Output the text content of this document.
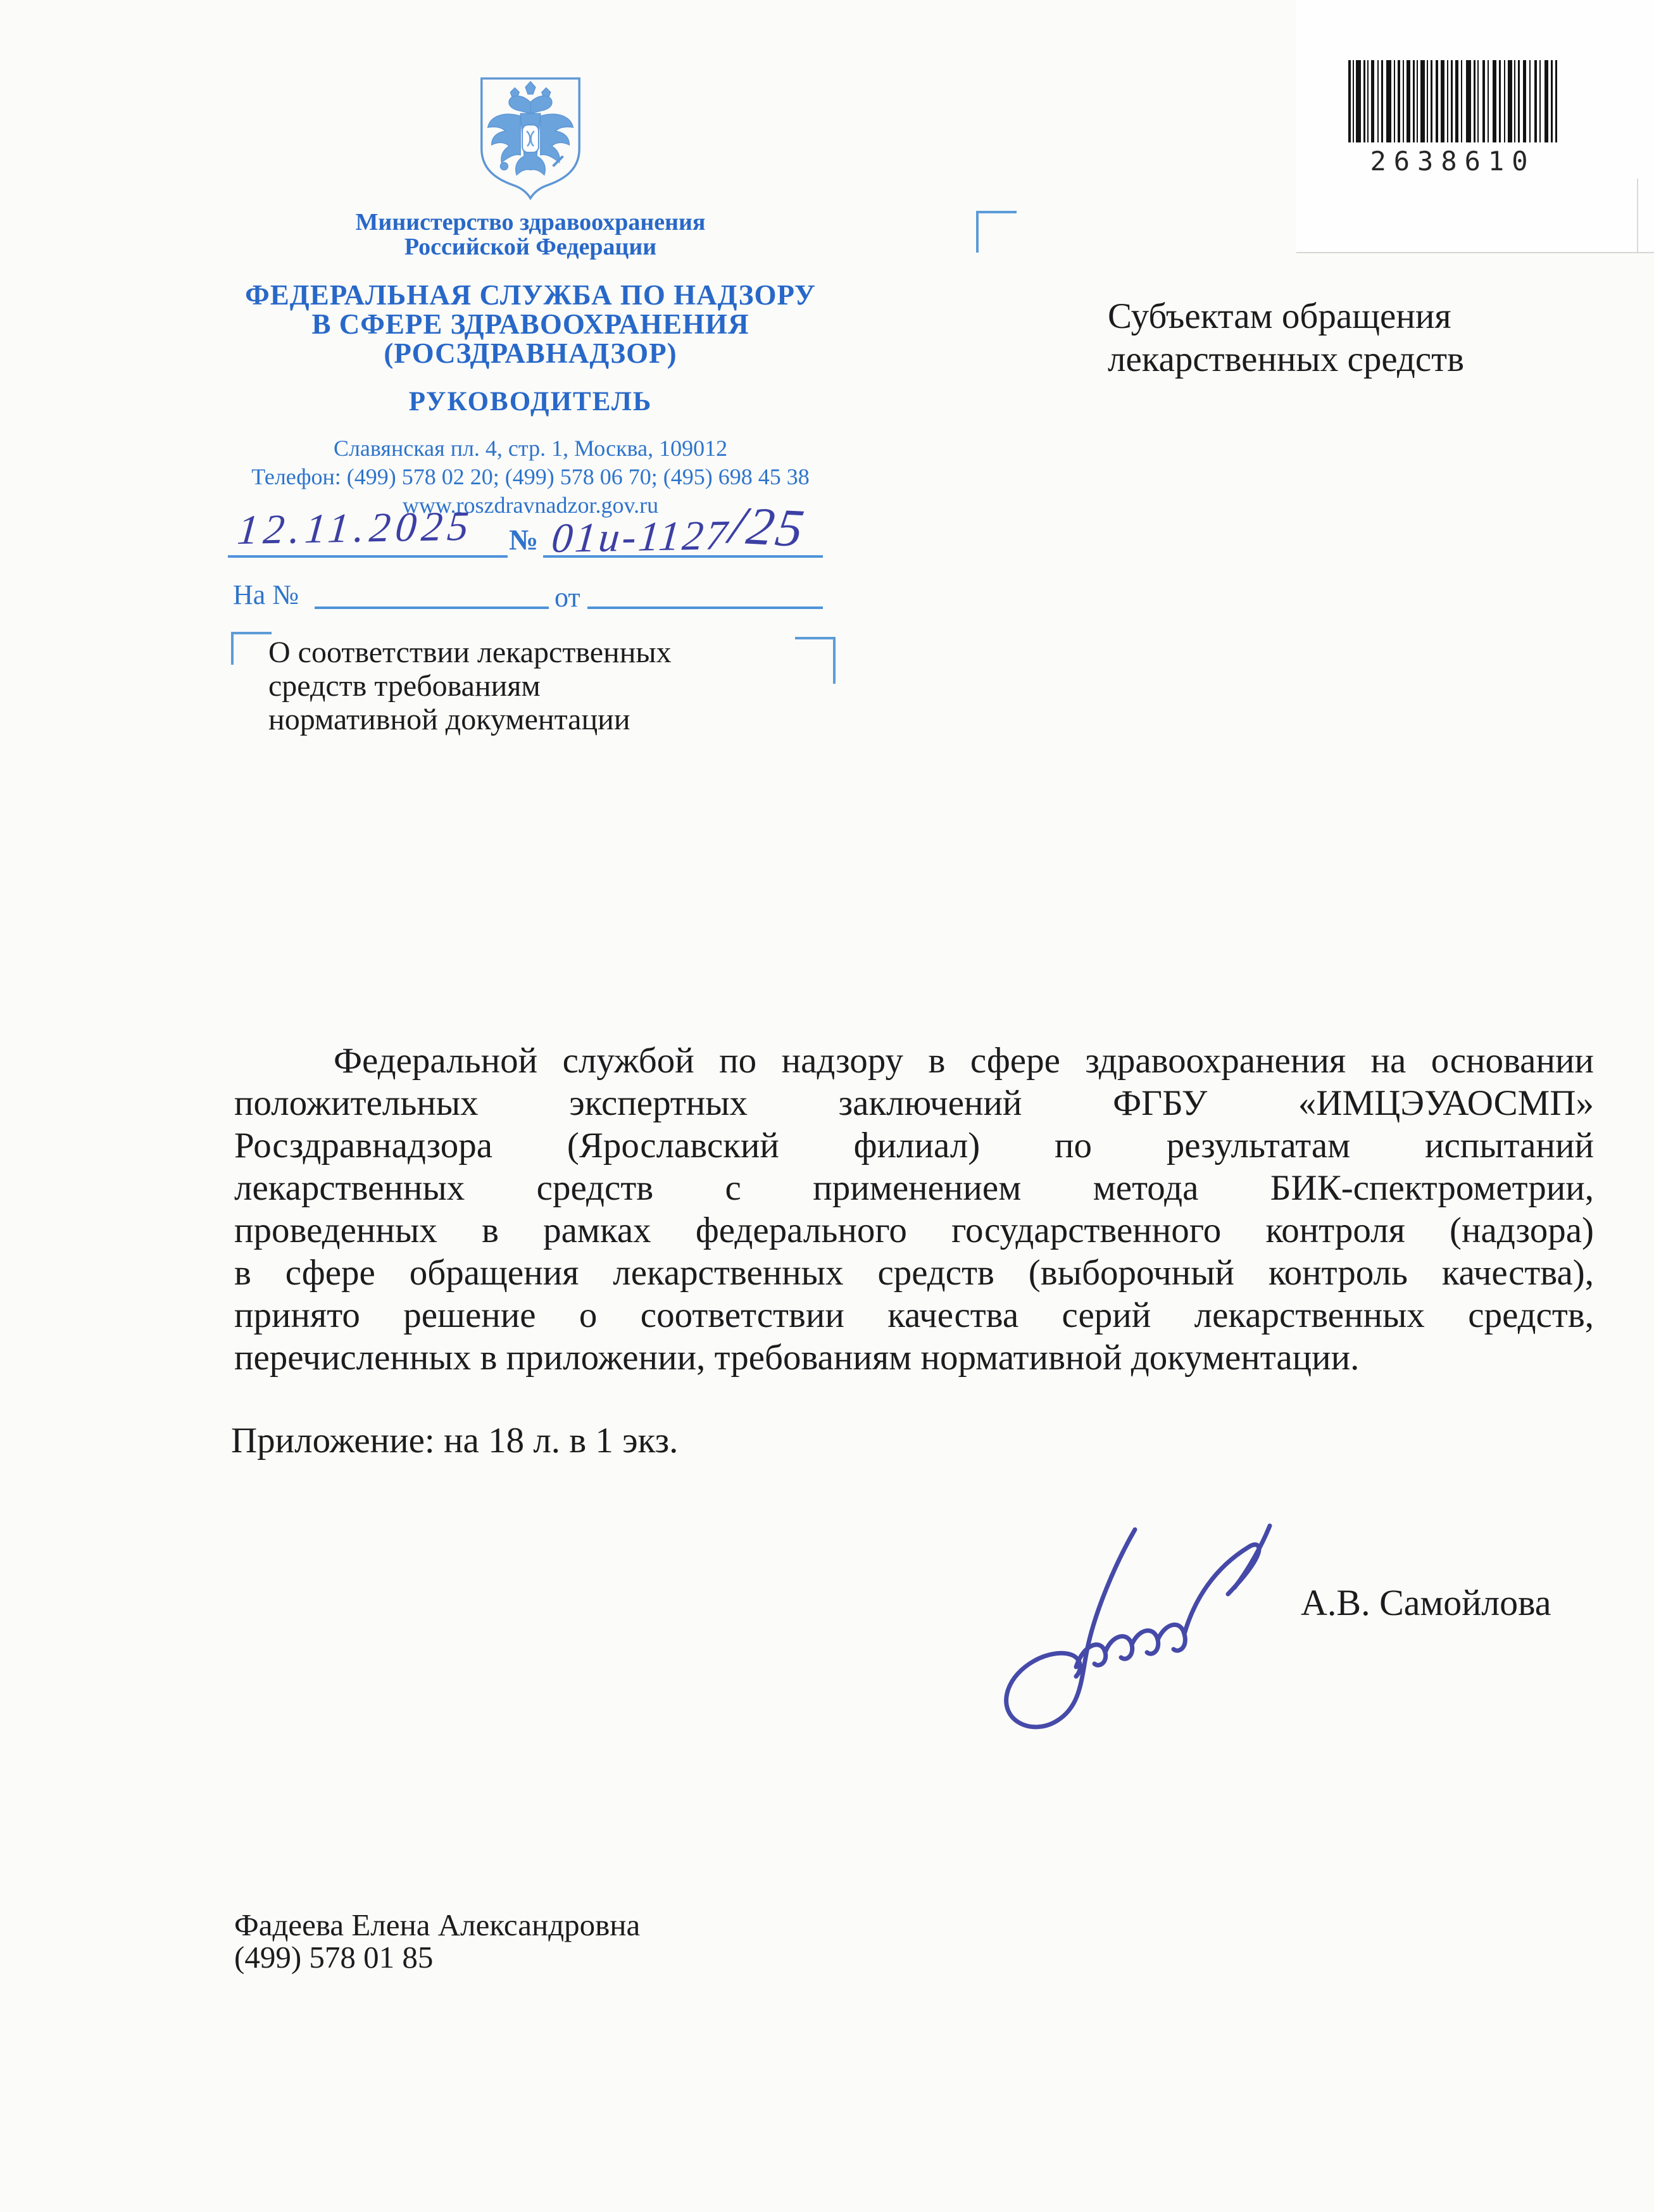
2638610
Министерство здравоохранения
Российской Федерации
ФЕДЕРАЛЬНАЯ СЛУЖБА ПО НАДЗОРУ
В СФЕРЕ ЗДРАВООХРАНЕНИЯ
(РОСЗДРАВНАДЗОР)
РУКОВОДИТЕЛЬ
Славянская пл. 4, стр. 1, Москва, 109012
Телефон: (499) 578 02 20; (499) 578 06 70; (495) 698 45 38
www.roszdravnadzor.gov.ru
12.11.2025 № 01и-1127/25
На №	от
Субъектам обращения
лекарственных средств
О соответствии лекарственных
средств требованиям
нормативной документации
Федеральной службой по надзору в сфере здравоохранения на основании
положительных экспертных заключений ФГБУ «ИМЦЭУАОСМП»
Росздравнадзора (Ярославский филиал) по результатам испытаний
лекарственных средств с применением метода БИК-спектрометрии,
проведенных в рамках федерального государственного контроля (надзора)
в сфере обращения лекарственных средств (выборочный контроль качества),
принято решение о соответствии качества серий лекарственных средств,
перечисленных в приложении, требованиям нормативной документации.
Приложение: на 18 л. в 1 экз.
А.В. Самойлова
Фадеева Елена Александровна
(499) 578 01 85
